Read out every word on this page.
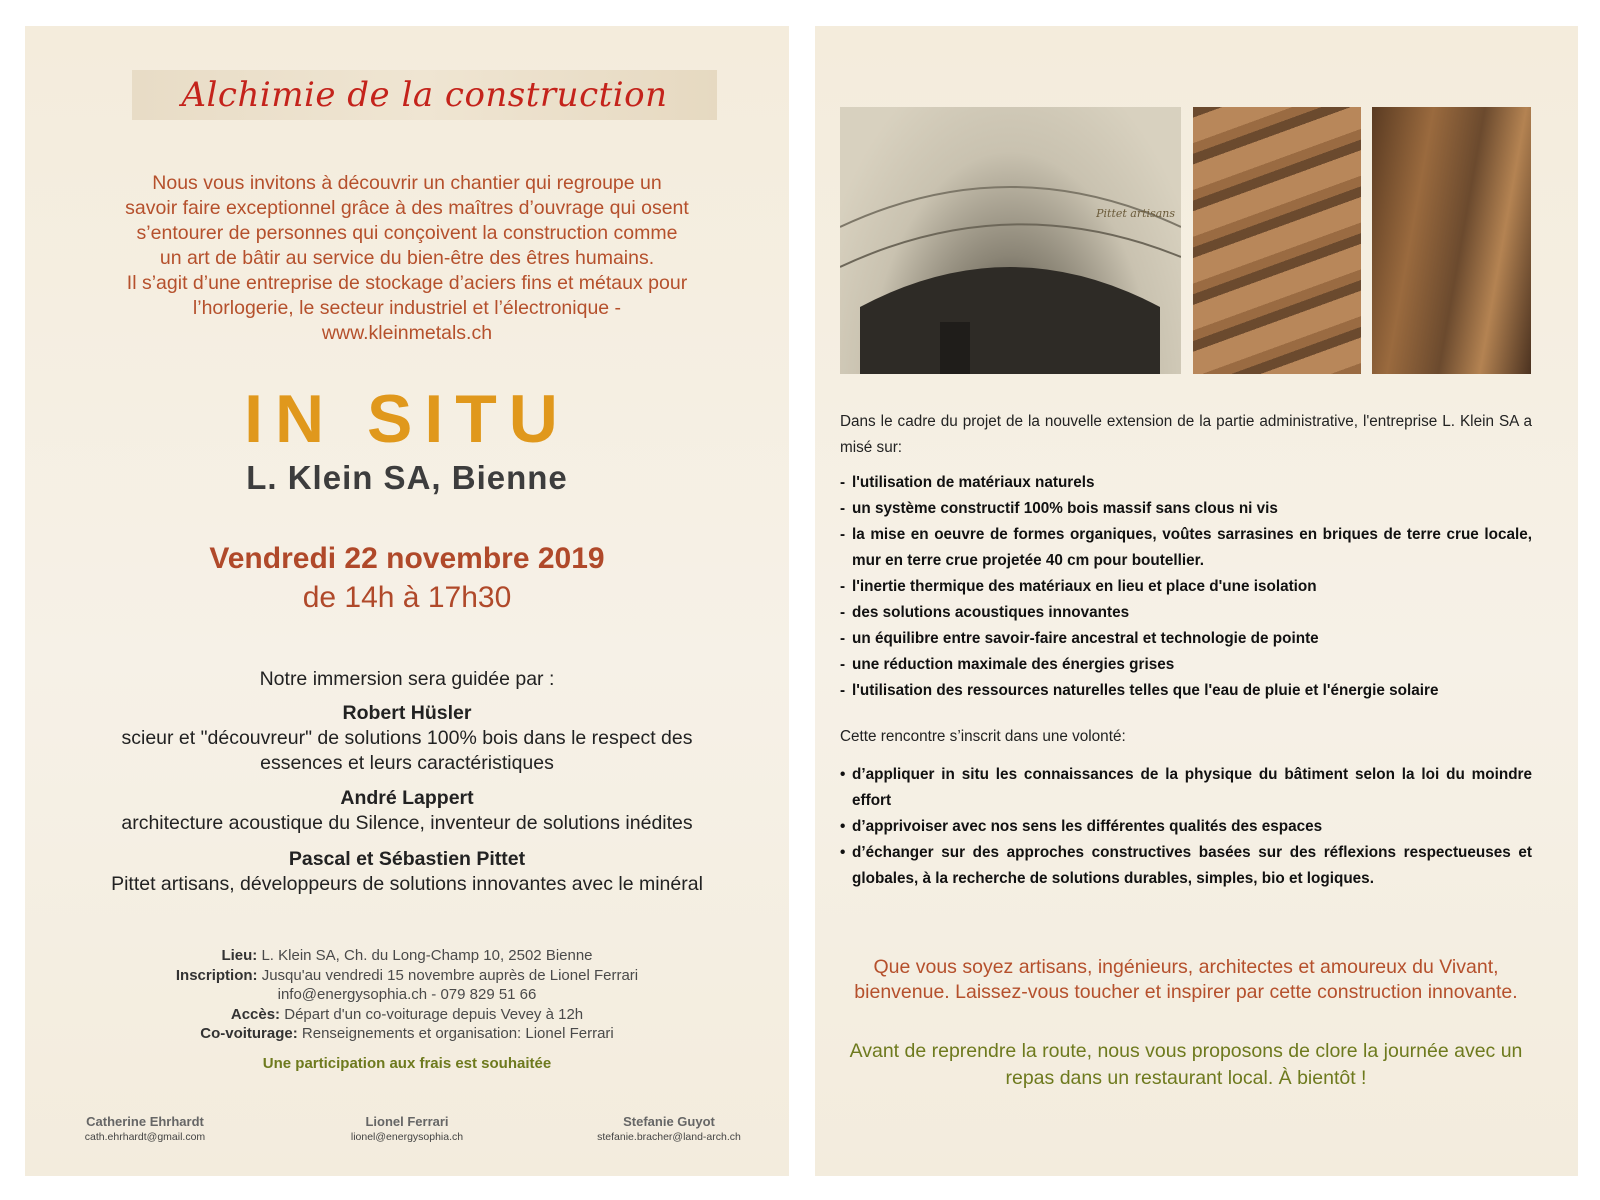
Alchimie de la construction

Nous vous invitons à découvrir un chantier qui regroupe un
savoir faire exceptionnel grâce à des maîtres d’ouvrage qui osent
s’entourer de personnes qui conçoivent la construction comme
un art de bâtir au service du bien-être des êtres humains.
Il s’agit d’une entreprise de stockage d’aciers fins et métaux pour
l’horlogerie, le secteur industriel et l’électronique -
www.kleinmetals.ch

IN SITU
L. Klein SA, Bienne
Vendredi 22 novembre 2019
de 14h à 17h30
Notre immersion sera guidée par :
Robert Hüsler
scieur et "découvreur" de solutions 100% bois dans le respect des
essences et leurs caractéristiques
André Lappert
architecture acoustique du Silence, inventeur de solutions inédites
Pascal et Sébastien Pittet
Pittet artisans, développeurs de solutions innovantes avec le minéral
Lieu: L. Klein SA, Ch. du Long-Champ 10, 2502 Bienne
Inscription: Jusqu'au vendredi 15 novembre auprès de Lionel Ferrari
info@energysophia.ch - 079 829 51 66
Accès: Départ d'un co-voiturage depuis Vevey à 12h
Co-voiturage: Renseignements et organisation: Lionel Ferrari
Une participation aux frais est souhaitée
Catherine Ehrhardt
cath.ehrhardt@gmail.com
Lionel Ferrari
lionel@energysophia.ch
Stefanie Guyot
stefanie.bracher@land-arch.ch
Pittet artisans

Dans le cadre du projet de la nouvelle extension de la partie administrative, l'entreprise L. Klein SA a misé sur:

- l'utilisation de matériaux naturels
- un système constructif 100% bois massif sans clous ni vis
- la mise en oeuvre de formes organiques, voûtes sarrasines en briques de terre crue locale, mur en terre crue projetée 40 cm pour boutellier.
- l'inertie thermique des matériaux en lieu et place d'une isolation
- des solutions acoustiques innovantes
- un équilibre entre savoir-faire ancestral et technologie de pointe
- une réduction maximale des énergies grises
- l'utilisation des ressources naturelles telles que l'eau de pluie et l'énergie solaire
Cette rencontre s’inscrit dans une volonté:
• d’appliquer in situ les connaissances de la physique du bâtiment selon la loi du moindre effort
• d’apprivoiser avec nos sens les différentes qualités des espaces
• d’échanger sur des approches constructives basées sur des réflexions respectueuses et globales, à la recherche de solutions durables, simples, bio et logiques.
Que vous soyez artisans, ingénieurs, architectes et amoureux du Vivant, bienvenue. Laissez-vous toucher et inspirer par cette construction innovante.
Avant de reprendre la route, nous vous proposons de clore la journée avec un repas dans un restaurant local. À bientôt !
